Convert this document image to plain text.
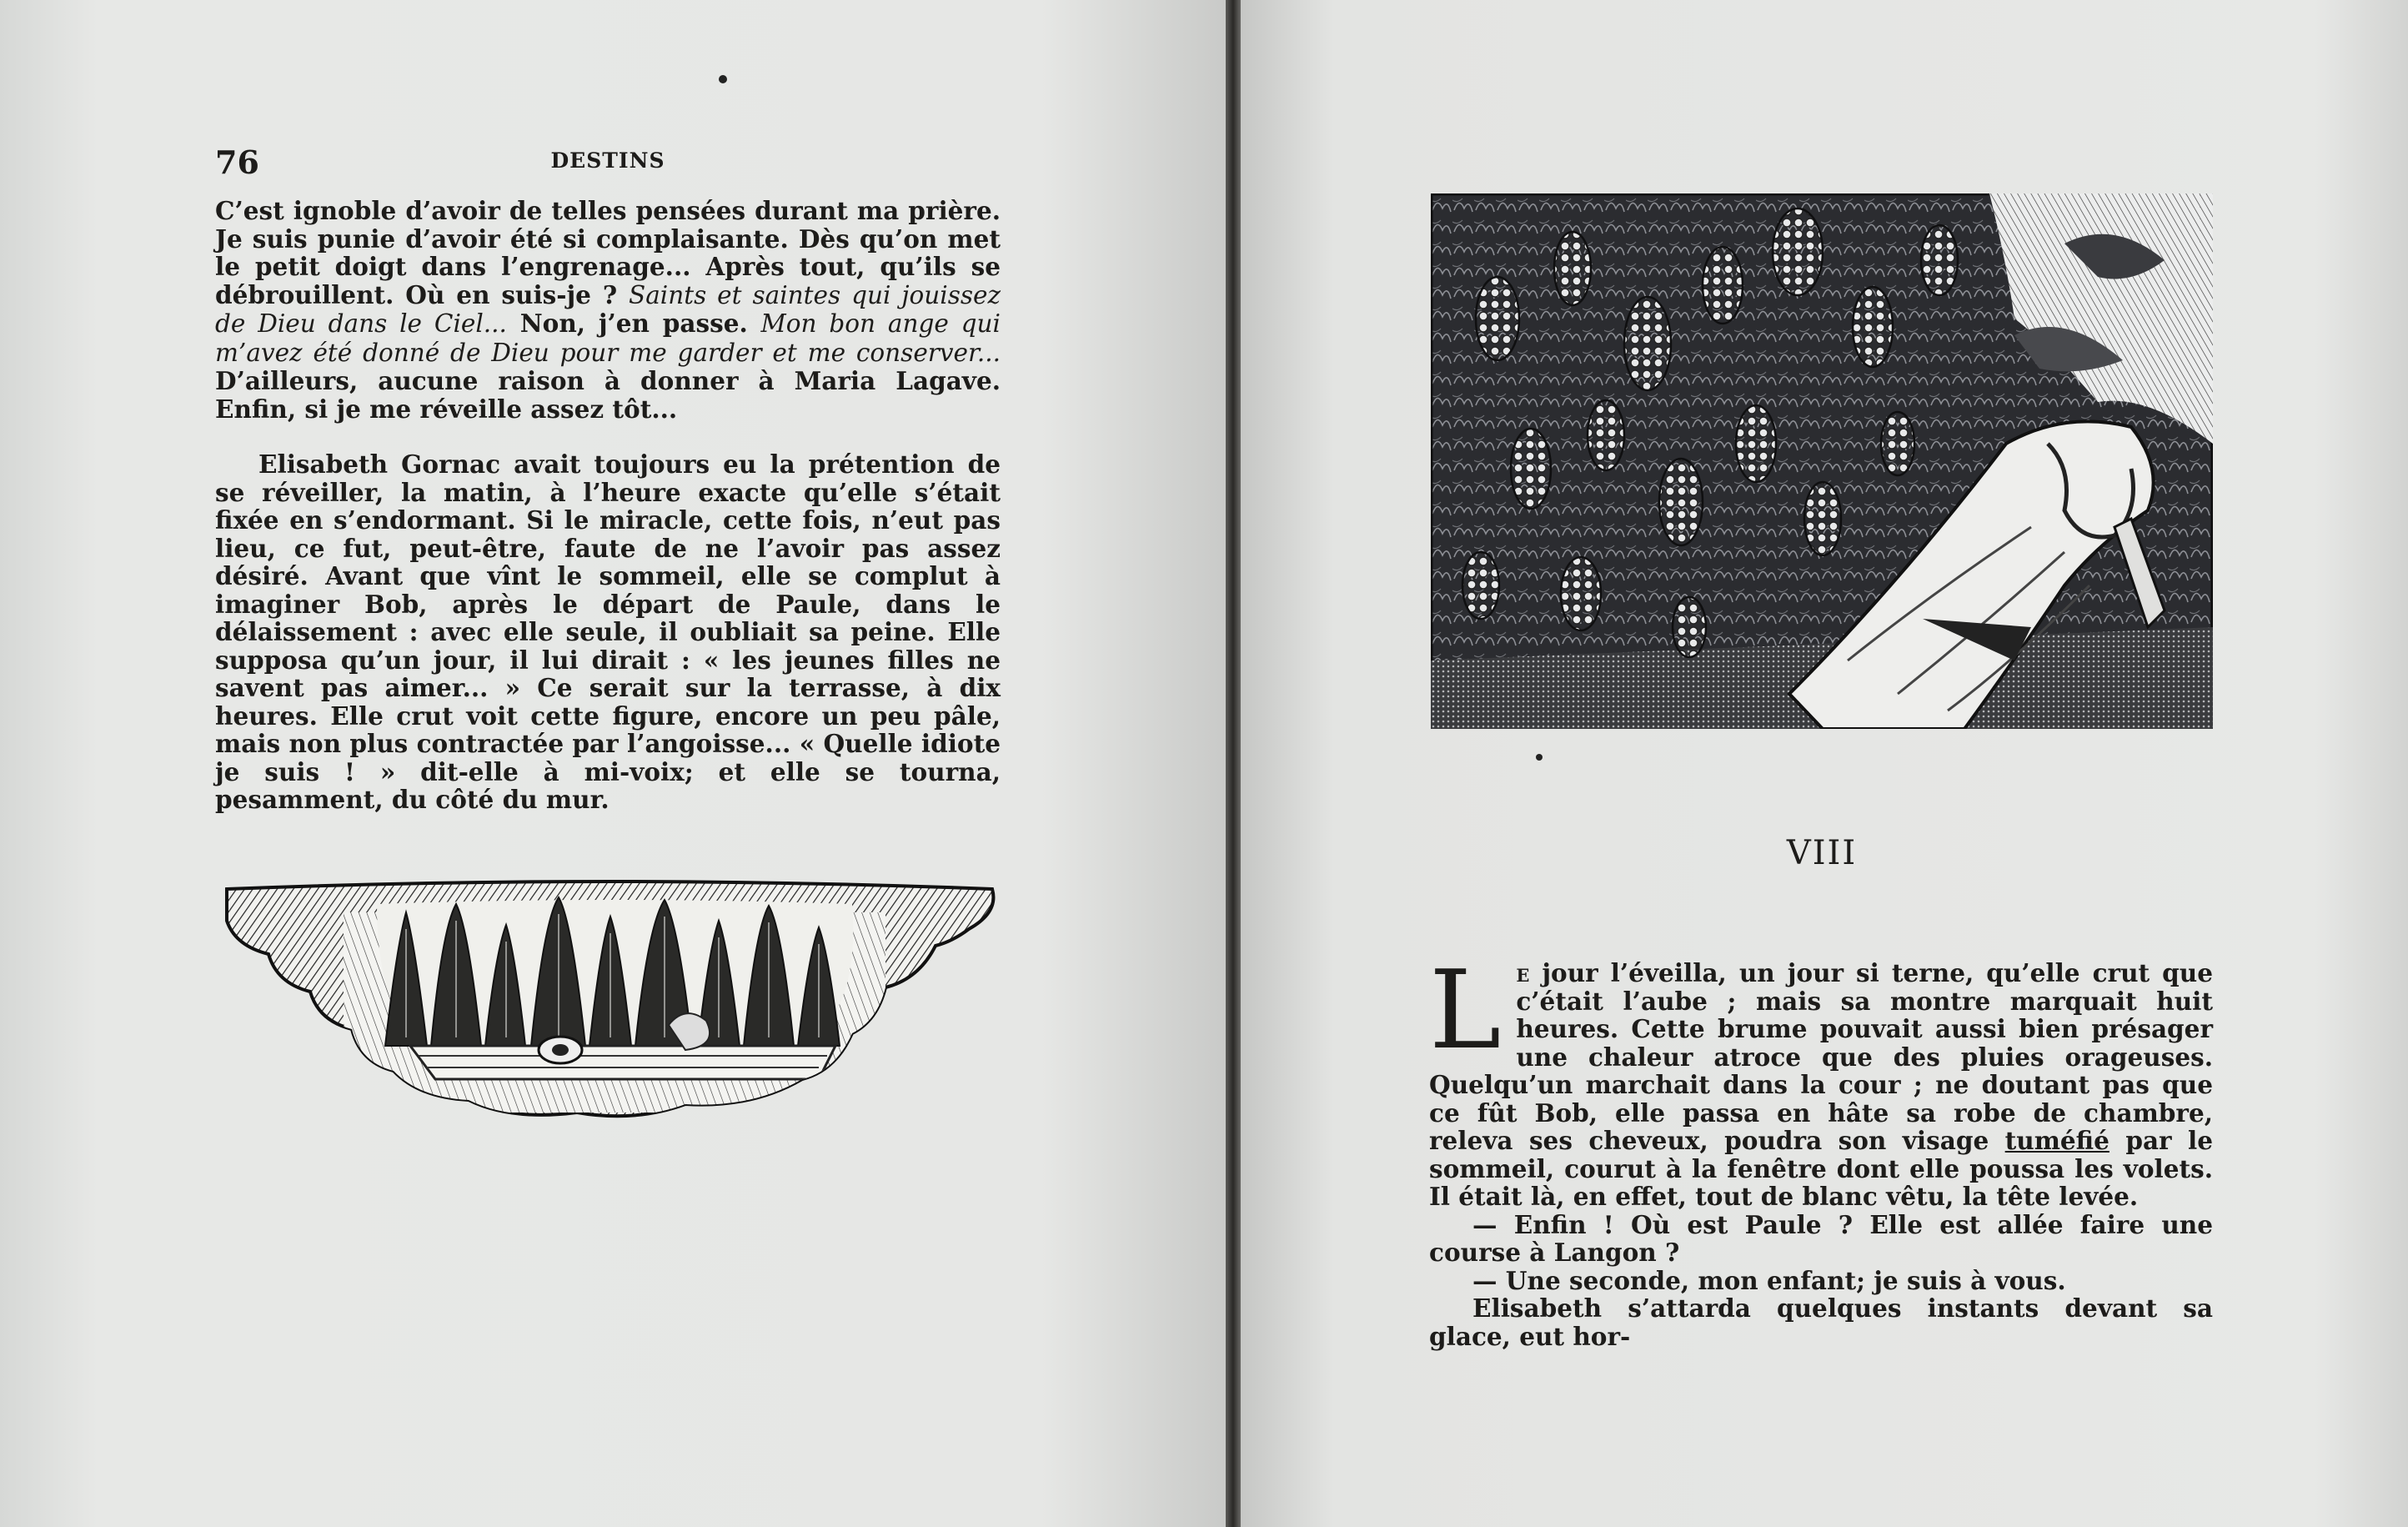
76	DESTINS

C’est ignoble d’avoir de telles pensées durant ma prière. Je suis punie d’avoir été si complaisante. Dès qu’on met le petit doigt dans l’engrenage... Après tout, qu’ils se débrouillent. Où en suis-je ? Saints et saintes qui jouissez de Dieu dans le Ciel... Non, j’en passe. Mon bon ange qui m’avez été donné de Dieu pour me garder et me conserver... D’ailleurs, aucune raison à donner à Maria Lagave. Enfin, si je me réveille assez tôt...

Elisabeth Gornac avait toujours eu la prétention de se réveiller, la matin, à l’heure exacte qu’elle s’était fixée en s’endormant. Si le miracle, cette fois, n’eut pas lieu, ce fut, peut-être, faute de ne l’avoir pas assez désiré. Avant que vînt le sommeil, elle se complut à imaginer Bob, après le départ de Paule, dans le délaissement : avec elle seule, il oubliait sa peine. Elle supposa qu’un jour, il lui dirait : « les jeunes filles ne savent pas aimer... » Ce serait sur la terrasse, à dix heures. Elle crut voit cette figure, encore un peu pâle, mais non plus contractée par l’angoisse... « Quelle idiote je suis ! » dit-elle à mi-voix; et elle se tourna, pesamment, du côté du mur.

VIII

Le jour l’éveilla, un jour si terne, qu’elle crut que c’était l’aube ; mais sa montre marquait huit heures. Cette brume pouvait aussi bien présager une chaleur atroce que des pluies orageuses. Quelqu’un marchait dans la cour ; ne doutant pas que ce fût Bob, elle passa en hâte sa robe de chambre, releva ses cheveux, poudra son visage tuméfié par le sommeil, courut à la fenêtre dont elle poussa les volets. Il était là, en effet, tout de blanc vêtu, la tête levée.

— Enfin ! Où est Paule ? Elle est allée faire une course à Langon ?

— Une seconde, mon enfant; je suis à vous.

Elisabeth s’attarda quelques instants devant sa glace, eut hor-
